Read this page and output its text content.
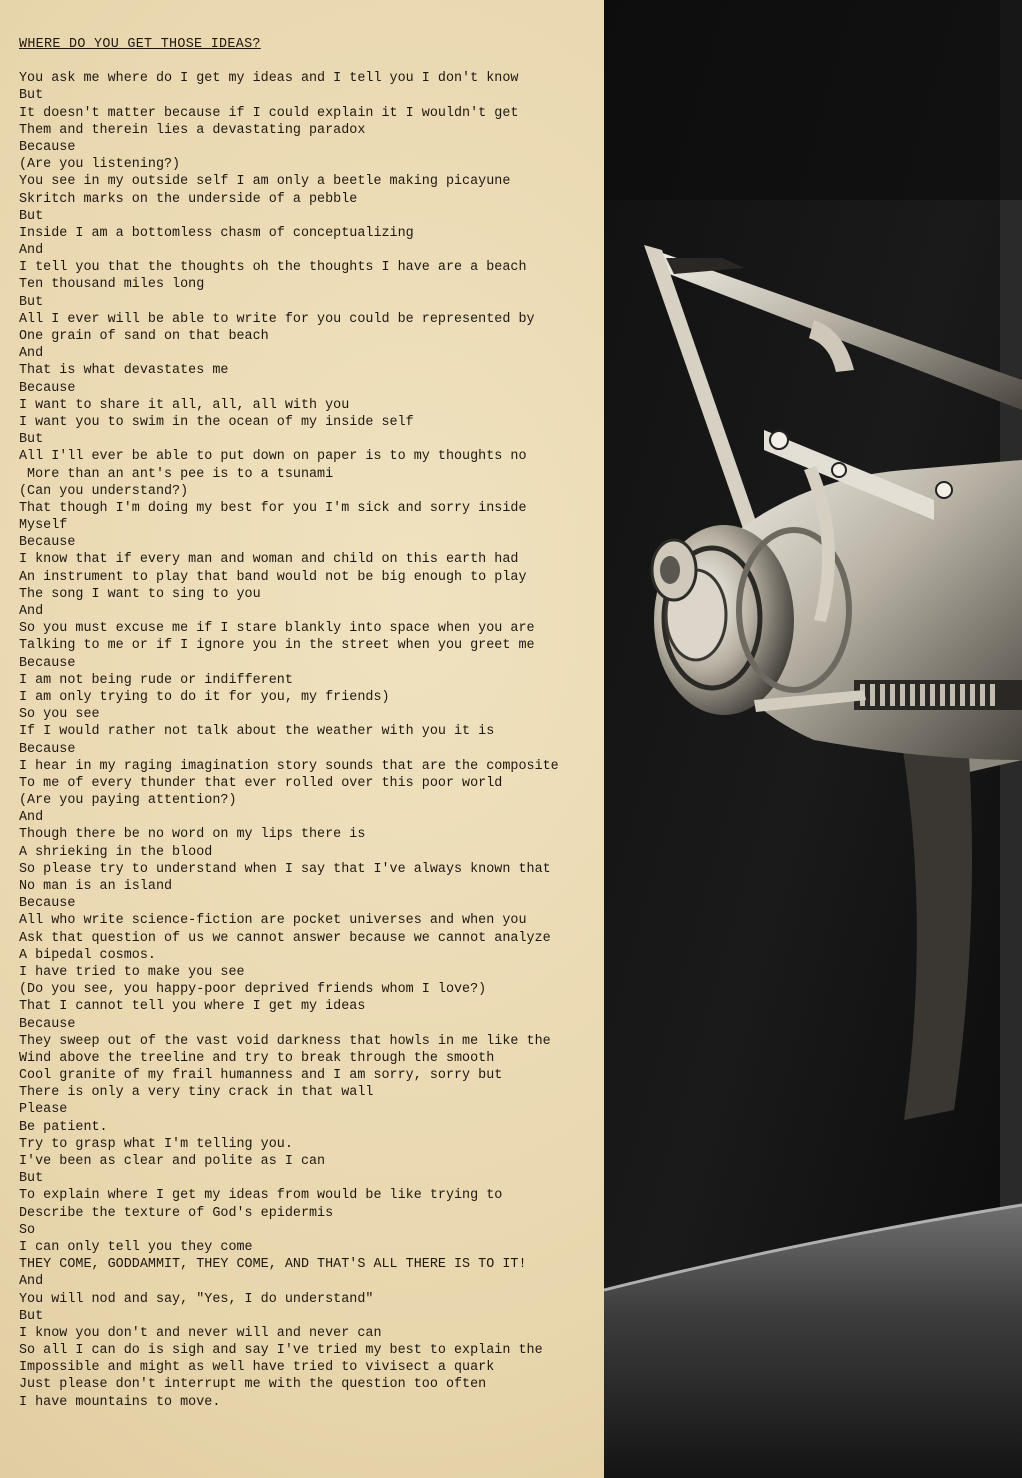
WHERE DO YOU GET THOSE IDEAS?
You ask me where do I get my ideas and I tell you I don't know
But
It doesn't matter because if I could explain it I wouldn't get
Them and therein lies a devastating paradox
Because
(Are you listening?)
You see in my outside self I am only a beetle making picayune
Skritch marks on the underside of a pebble
But
Inside I am a bottomless chasm of conceptualizing
And
I tell you that the thoughts oh the thoughts I have are a beach
Ten thousand miles long
But
All I ever will be able to write for you could be represented by
One grain of sand on that beach
And
That is what devastates me
Because
I want to share it all, all, all with you
I want you to swim in the ocean of my inside self
But
All I'll ever be able to put down on paper is to my thoughts no
More than an ant's pee is to a tsunami
(Can you understand?)
That though I'm doing my best for you I'm sick and sorry inside
Myself
Because
I know that if every man and woman and child on this earth had
An instrument to play that band would not be big enough to play
The song I want to sing to you
And
So you must excuse me if I stare blankly into space when you are
Talking to me or if I ignore you in the street when you greet me
Because
I am not being rude or indifferent
I am only trying to do it for you, my friends)
So you see
If I would rather not talk about the weather with you it is
Because
I hear in my raging imagination story sounds that are the composite
To me of every thunder that ever rolled over this poor world
(Are you paying attention?)
And
Though there be no word on my lips there is
A shrieking in the blood
So please try to understand when I say that I've always known that
No man is an island
Because
All who write science-fiction are pocket universes and when you
Ask that question of us we cannot answer because we cannot analyze
A bipedal cosmos.
I have tried to make you see
(Do you see, you happy-poor deprived friends whom I love?)
That I cannot tell you where I get my ideas
Because
They sweep out of the vast void darkness that howls in me like the
Wind above the treeline and try to break through the smooth
Cool granite of my frail humanness and I am sorry, sorry but
There is only a very tiny crack in that wall
Please
Be patient.
Try to grasp what I'm telling you.
I've been as clear and polite as I can
But
To explain where I get my ideas from would be like trying to
Describe the texture of God's epidermis
So
I can only tell you they come
THEY COME, GODDAMMIT, THEY COME, AND THAT'S ALL THERE IS TO IT!
And
You will nod and say, "Yes, I do understand"
But
I know you don't and never will and never can
So all I can do is sigh and say I've tried my best to explain the
Impossible and might as well have tried to vivisect a quark
Just please don't interrupt me with the question too often
I have mountains to move.
